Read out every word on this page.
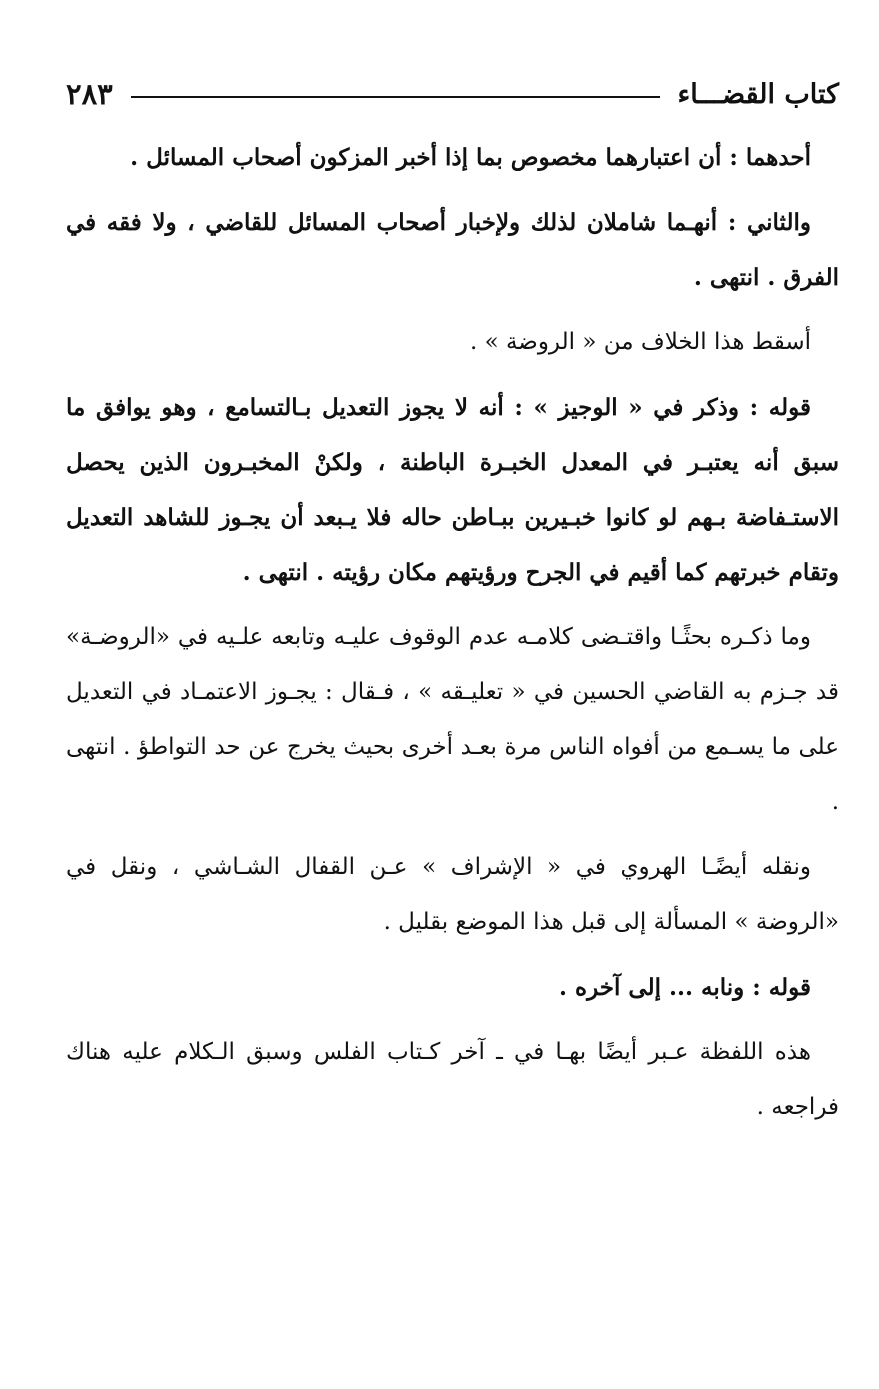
كتاب القضـــاء
٢٨٣

أحدهما : أن اعتبارهما مخصوص بما إذا أخبر المزكون أصحاب المسائل .

والثاني : أنهـما شاملان لذلك ولإخبار أصحاب المسائل للقاضي ، ولا فقه في الفرق . انتهى .

أسقط هذا الخلاف من « الروضة » .

قوله : وذكر في « الوجيز » : أنه لا يجوز التعديل بـالتسامع ، وهو يوافق ما سبق أنه يعتبـر في المعدل الخبـرة الباطنة ، ولكنْ المخبـرون الذين يحصل الاستـفاضة بـهم لو كانوا خبـيرين ببـاطن حاله فلا يـبعد أن يجـوز للشاهد التعديل وتقام خبرتهم كما أقيم في الجرح ورؤيتهم مكان رؤيته . انتهى .

وما ذكـره بحثًـا واقتـضى كلامـه عدم الوقوف عليـه وتابعه علـيه في «الروضـة» قد جـزم به القاضي الحسين في « تعليـقه » ، فـقال : يجـوز الاعتمـاد في التعديل على ما يسـمع من أفواه الناس مرة بعـد أخرى بحيث يخرج عن حد التواطؤ . انتهى .

ونقله أيضًـا الهروي في « الإشراف » عـن القفال الشـاشي ، ونقل في «الروضة » المسألة إلى قبل هذا الموضع بقليل .

قوله : ونابه ... إلى آخره .

هذه اللفظة عـبر أيضًا بهـا في ـ آخر كـتاب الفلس وسبق الـكلام عليه هناك فراجعه .
